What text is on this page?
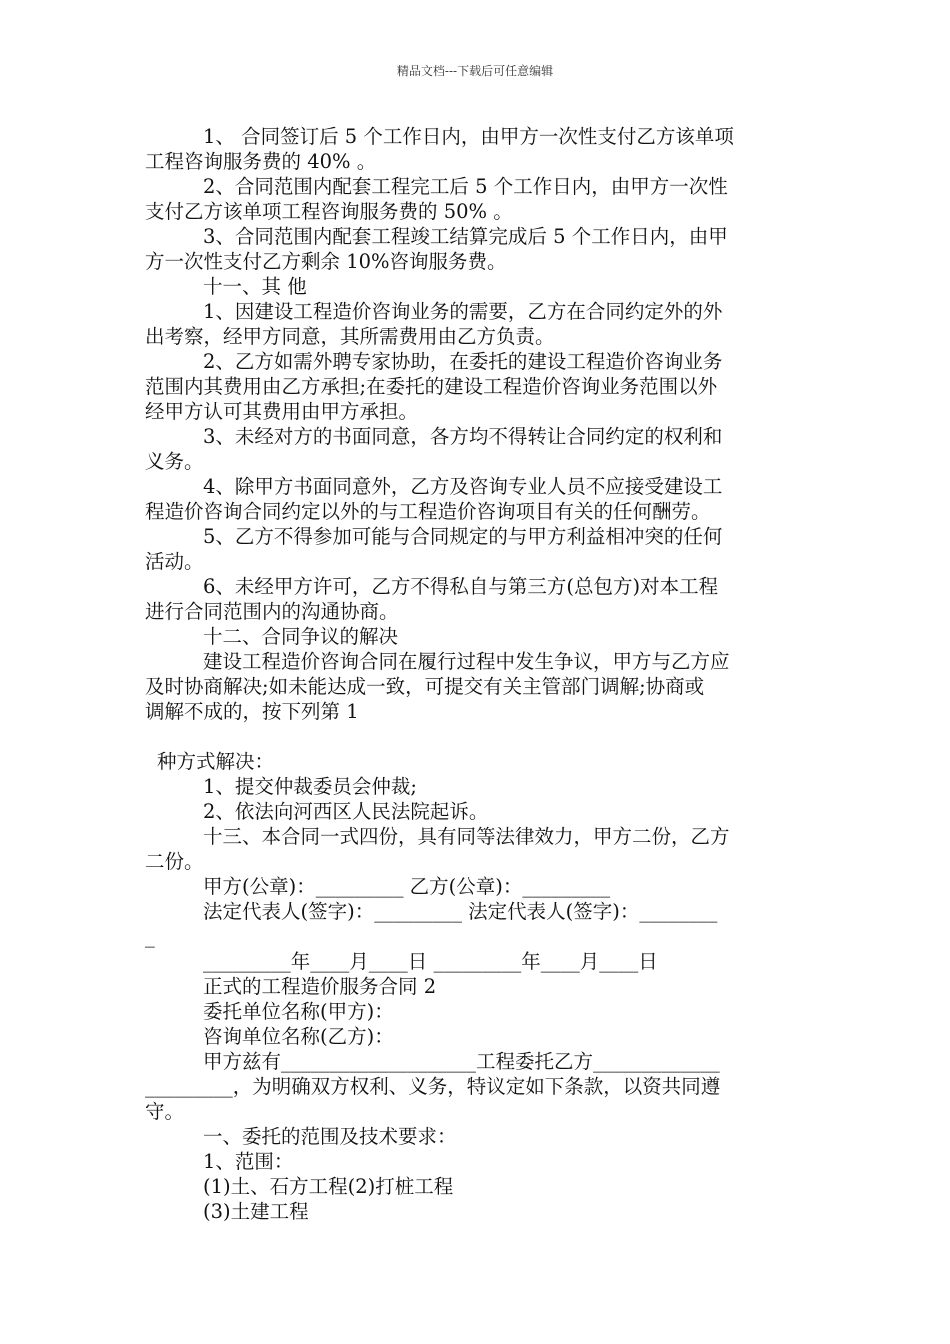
精品文档---下载后可任意编辑
1、 合同签订后 5 个工作日内，由甲方一次性支付乙方该单项
工程咨询服务费的 40% 。
2、合同范围内配套工程完工后 5 个工作日内，由甲方一次性
支付乙方该单项工程咨询服务费的 50% 。
3、合同范围内配套工程竣工结算完成后 5 个工作日内，由甲
方一次性支付乙方剩余 10%咨询服务费。
十一、其 他
1、因建设工程造价咨询业务的需要，乙方在合同约定外的外
出考察，经甲方同意，其所需费用由乙方负责。
2、乙方如需外聘专家协助，在委托的建设工程造价咨询业务
范围内其费用由乙方承担;在委托的建设工程造价咨询业务范围以外
经甲方认可其费用由甲方承担。
3、未经对方的书面同意，各方均不得转让合同约定的权利和
义务。
4、除甲方书面同意外，乙方及咨询专业人员不应接受建设工
程造价咨询合同约定以外的与工程造价咨询项目有关的任何酬劳。
5、乙方不得参加可能与合同规定的与甲方利益相冲突的任何
活动。
6、未经甲方许可，乙方不得私自与第三方(总包方)对本工程
进行合同范围内的沟通协商。
十二、合同争议的解决
建设工程造价咨询合同在履行过程中发生争议，甲方与乙方应
及时协商解决;如未能达成一致，可提交有关主管部门调解;协商或
调解不成的，按下列第 1
种方式解决：
1、提交仲裁委员会仲裁;
2、依法向河西区人民法院起诉。
十三、本合同一式四份，具有同等法律效力，甲方二份，乙方
二份。
甲方(公章)：_________ 乙方(公章)：_________
法定代表人(签字)：_________ 法定代表人(签字)：________
_
_________年____月____日 _________年____月____日
正式的工程造价服务合同 2
委托单位名称(甲方)：
咨询单位名称(乙方)：
甲方兹有____________________工程委托乙方_____________
_________，为明确双方权利、义务，特议定如下条款，以资共同遵
守。
一、委托的范围及技术要求：
1、范围：
(1)土、石方工程(2)打桩工程
(3)土建工程
